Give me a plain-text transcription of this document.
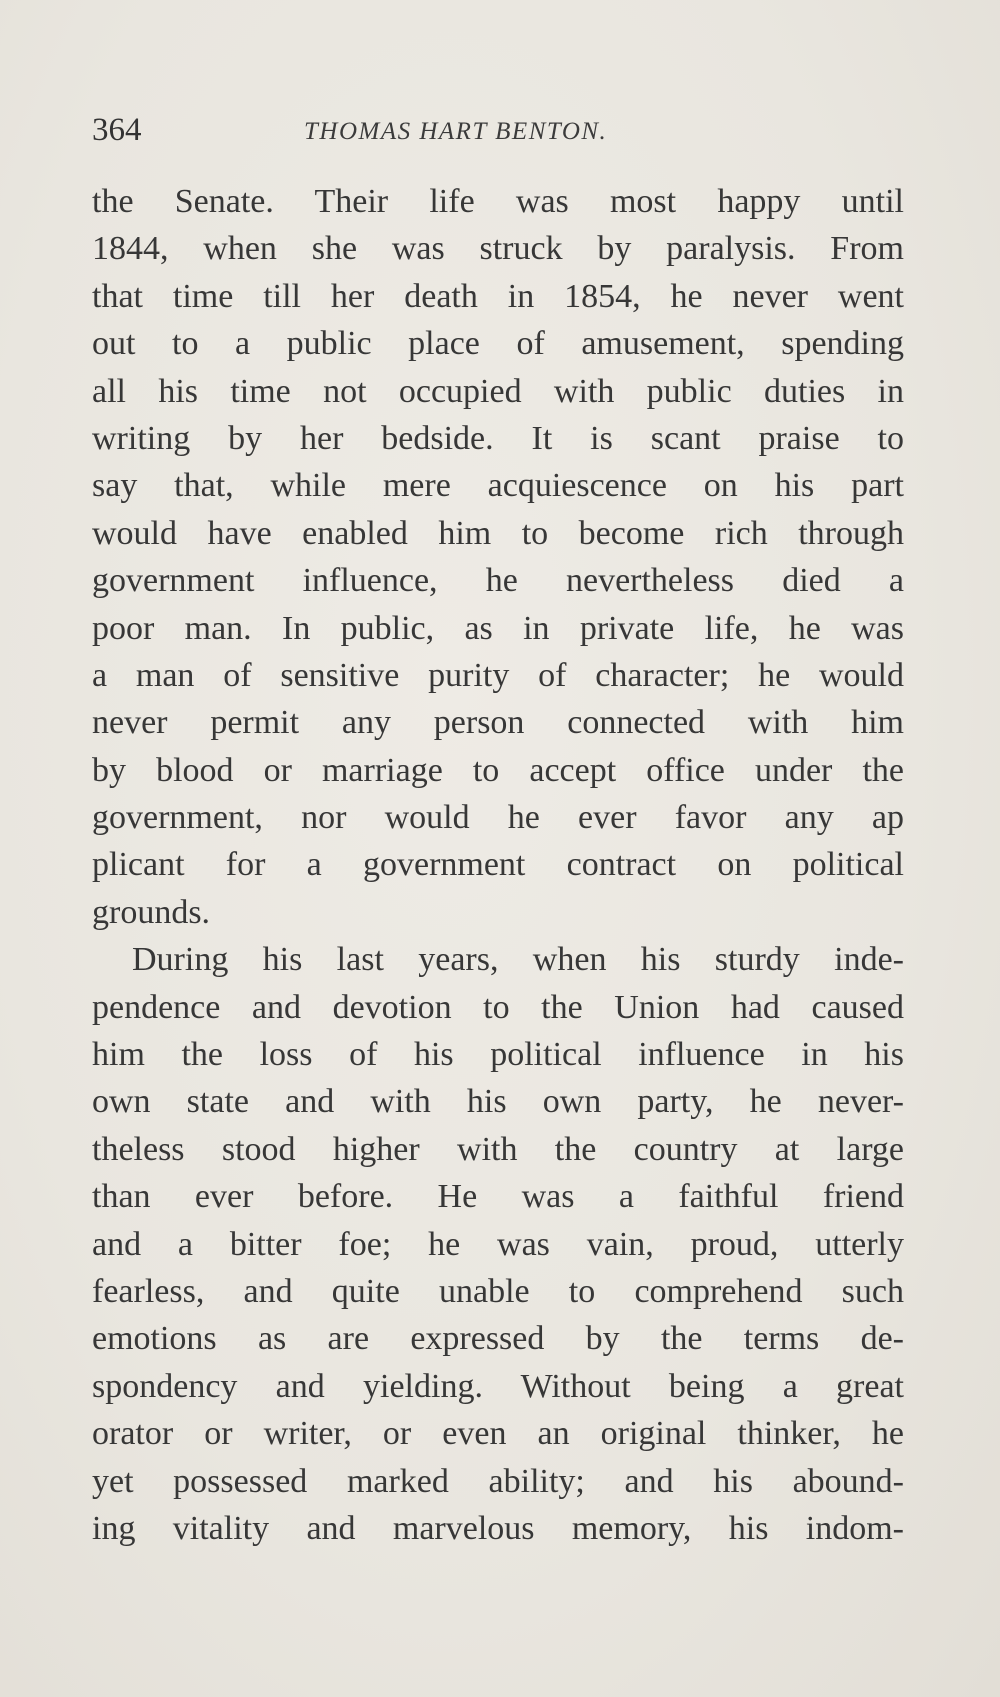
364	THOMAS HART BENTON.
the Senate. Their life was most happy until
1844, when she was struck by paralysis. From
that time till her death in 1854, he never went
out to a public place of amusement, spending
all his time not occupied with public duties in
writing by her bedside. It is scant praise to
say that, while mere acquiescence on his part
would have enabled him to become rich through
government influence, he nevertheless died a
poor man. In public, as in private life, he was
a man of sensitive purity of character; he would
never permit any person connected with him
by blood or marriage to accept office under the
government, nor would he ever favor any ap
plicant for a government contract on political
grounds.
During his last years, when his sturdy inde-
pendence and devotion to the Union had caused
him the loss of his political influence in his
own state and with his own party, he never-
theless stood higher with the country at large
than ever before. He was a faithful friend
and a bitter foe; he was vain, proud, utterly
fearless, and quite unable to comprehend such
emotions as are expressed by the terms de-
spondency and yielding. Without being a great
orator or writer, or even an original thinker, he
yet possessed marked ability; and his abound-
ing vitality and marvelous memory, his indom-
